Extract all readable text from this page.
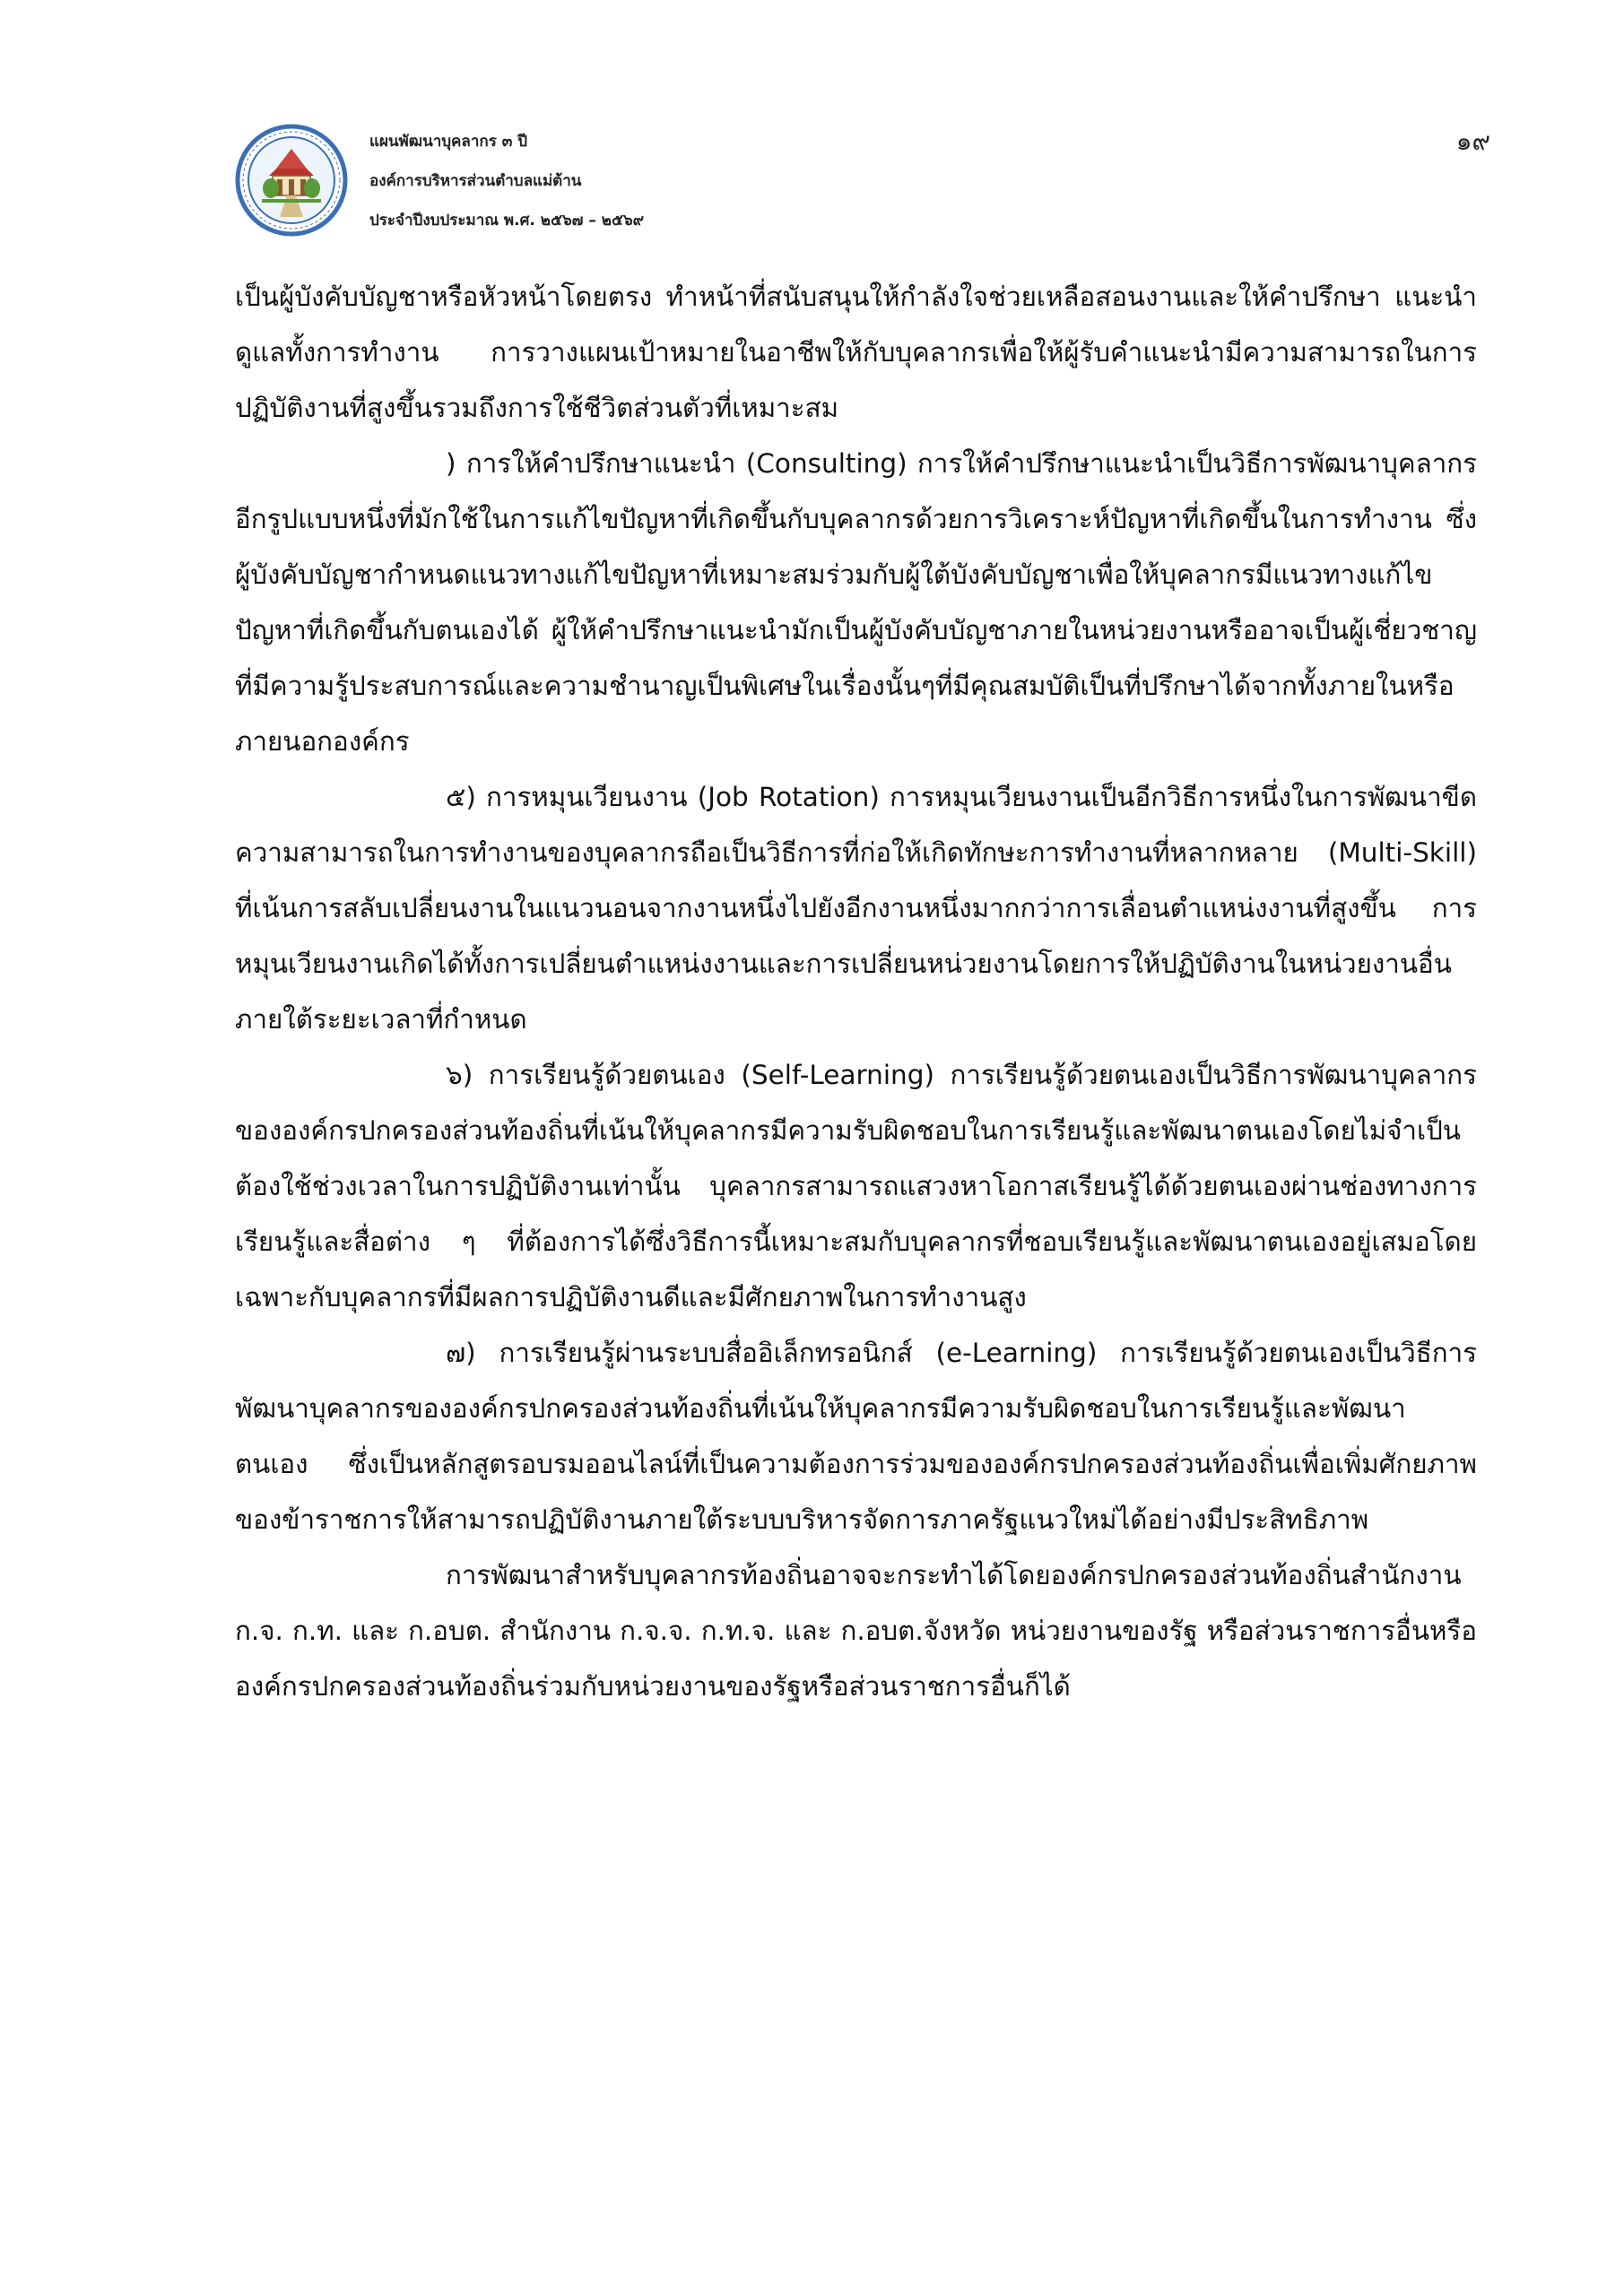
แผนพัฒนาบุคลากร ๓ ปี
องค์การบริหารส่วนตำบลแม่ต้าน
ประจำปีงบประมาณ พ.ศ. ๒๕๖๗ – ๒๕๖๙
๑๙

เป็นผู้บังคับบัญชาหรือหัวหน้าโดยตรง ทำหน้าที่สนับสนุนให้กำลังใจช่วยเหลือสอนงานและให้คำปรึกษา แนะนำดูแลทั้งการทำงาน การวางแผนเป้าหมายในอาชีพให้กับบุคลากรเพื่อให้ผู้รับคำแนะนำมีความสามารถในการปฏิบัติงานที่สูงขึ้นรวมถึงการใช้ชีวิตส่วนตัวที่เหมาะสม

) การให้คำปรึกษาแนะนำ (Consulting) การให้คำปรึกษาแนะนำเป็นวิธีการพัฒนาบุคลากรอีกรูปแบบหนึ่งที่มักใช้ในการแก้ไขปัญหาที่เกิดขึ้นกับบุคลากรด้วยการวิเคราะห์ปัญหาที่เกิดขึ้นในการทำงาน ซึ่งผู้บังคับบัญชากำหนดแนวทางแก้ไขปัญหาที่เหมาะสมร่วมกับผู้ใต้บังคับบัญชาเพื่อให้บุคลากรมีแนวทางแก้ไขปัญหาที่เกิดขึ้นกับตนเองได้ ผู้ให้คำปรึกษาแนะนำมักเป็นผู้บังคับบัญชาภายในหน่วยงานหรืออาจเป็นผู้เชี่ยวชาญที่มีความรู้ประสบการณ์และความชำนาญเป็นพิเศษในเรื่องนั้นๆที่มีคุณสมบัติเป็นที่ปรึกษาได้จากทั้งภายในหรือภายนอกองค์กร

๕) การหมุนเวียนงาน (Job Rotation) การหมุนเวียนงานเป็นอีกวิธีการหนึ่งในการพัฒนาขีดความสามารถในการทำงานของบุคลากรถือเป็นวิธีการที่ก่อให้เกิดทักษะการทำงานที่หลากหลาย (Multi-Skill) ที่เน้นการสลับเปลี่ยนงานในแนวนอนจากงานหนึ่งไปยังอีกงานหนึ่งมากกว่าการเลื่อนตำแหน่งงานที่สูงขึ้น การหมุนเวียนงานเกิดได้ทั้งการเปลี่ยนตำแหน่งงานและการเปลี่ยนหน่วยงานโดยการให้ปฏิบัติงานในหน่วยงานอื่นภายใต้ระยะเวลาที่กำหนด

๖) การเรียนรู้ด้วยตนเอง (Self-Learning) การเรียนรู้ด้วยตนเองเป็นวิธีการพัฒนาบุคลากรขององค์กรปกครองส่วนท้องถิ่นที่เน้นให้บุคลากรมีความรับผิดชอบในการเรียนรู้และพัฒนาตนเองโดยไม่จำเป็นต้องใช้ช่วงเวลาในการปฏิบัติงานเท่านั้น บุคลากรสามารถแสวงหาโอกาสเรียนรู้ได้ด้วยตนเองผ่านช่องทางการเรียนรู้และสื่อต่าง ๆ ที่ต้องการได้ซึ่งวิธีการนี้เหมาะสมกับบุคลากรที่ชอบเรียนรู้และพัฒนาตนเองอยู่เสมอโดยเฉพาะกับบุคลากรที่มีผลการปฏิบัติงานดีและมีศักยภาพในการทำงานสูง

๗) การเรียนรู้ผ่านระบบสื่ออิเล็กทรอนิกส์ (e-Learning) การเรียนรู้ด้วยตนเองเป็นวิธีการพัฒนาบุคลากรขององค์กรปกครองส่วนท้องถิ่นที่เน้นให้บุคลากรมีความรับผิดชอบในการเรียนรู้และพัฒนาตนเอง ซึ่งเป็นหลักสูตรอบรมออนไลน์ที่เป็นความต้องการร่วมขององค์กรปกครองส่วนท้องถิ่นเพื่อเพิ่มศักยภาพของข้าราชการให้สามารถปฏิบัติงานภายใต้ระบบบริหารจัดการภาครัฐแนวใหม่ได้อย่างมีประสิทธิภาพ

การพัฒนาสำหรับบุคลากรท้องถิ่นอาจจะกระทำได้โดยองค์กรปกครองส่วนท้องถิ่นสำนักงาน ก.จ. ก.ท. และ ก.อบต. สำนักงาน ก.จ.จ. ก.ท.จ. และ ก.อบต.จังหวัด หน่วยงานของรัฐ หรือส่วนราชการอื่นหรือองค์กรปกครองส่วนท้องถิ่นร่วมกับหน่วยงานของรัฐหรือส่วนราชการอื่นก็ได้
